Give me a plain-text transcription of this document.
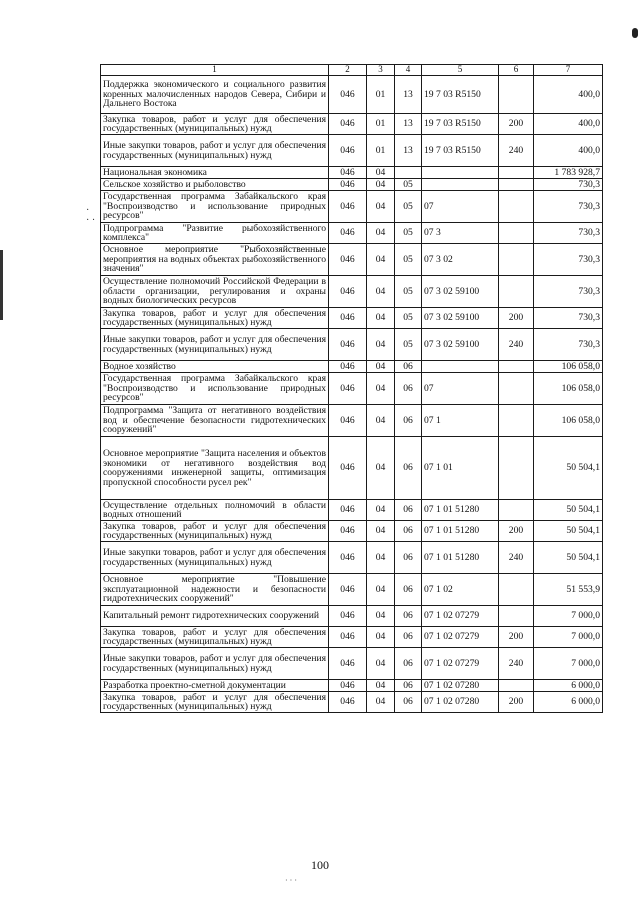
·
· ·
1	2	3	4	5	6	7
Поддержка экономического и социального развития коренных малочисленных народов Севера, Сибири и Дальнего Востока	046	01	13	19 7 03 R5150		400,0
Закупка товаров, работ и услуг для обеспечения государственных (муниципальных) нужд	046	01	13	19 7 03 R5150	200	400,0
Иные закупки товаров, работ и услуг для обеспечения государственных (муниципальных) нужд	046	01	13	19 7 03 R5150	240	400,0
Национальная экономика	046	04				1 783 928,7
Сельское хозяйство и рыболовство	046	04	05			730,3
Государственная программа Забайкальского края "Воспроизводство и использование природных ресурсов"	046	04	05	07		730,3
Подпрограмма "Развитие рыбохозяйственного комплекса"	046	04	05	07 3		730,3
Основное мероприятие "Рыбохозяйственные мероприятия на водных объектах рыбохозяйственного значения"	046	04	05	07 3 02		730,3
Осуществление полномочий Российской Федерации в области организации, регулирования и охраны водных биологических ресурсов	046	04	05	07 3 02 59100		730,3
Закупка товаров, работ и услуг для обеспечения государственных (муниципальных) нужд	046	04	05	07 3 02 59100	200	730,3
Иные закупки товаров, работ и услуг для обеспечения государственных (муниципальных) нужд	046	04	05	07 3 02 59100	240	730,3
Водное хозяйство	046	04	06			106 058,0
Государственная программа Забайкальского края "Воспроизводство и использование природных ресурсов"	046	04	06	07		106 058,0
Подпрограмма "Защита от негативного воздействия вод и обеспечение безопасности гидротехнических сооружений"	046	04	06	07 1		106 058,0
Основное мероприятие "Защита населения и объектов экономики от негативного воздействия вод сооружениями инженерной защиты, оптимизация пропускной способности русел рек"	046	04	06	07 1 01		50 504,1
Осуществление отдельных полномочий в области водных отношений	046	04	06	07 1 01 51280		50 504,1
Закупка товаров, работ и услуг для обеспечения государственных (муниципальных) нужд	046	04	06	07 1 01 51280	200	50 504,1
Иные закупки товаров, работ и услуг для обеспечения государственных (муниципальных) нужд	046	04	06	07 1 01 51280	240	50 504,1
Основное мероприятие "Повышение эксплуатационной надежности и безопасности гидротехнических сооружений"	046	04	06	07 1 02		51 553,9
Капитальный ремонт гидротехнических сооружений	046	04	06	07 1 02 07279		7 000,0
Закупка товаров, работ и услуг для обеспечения государственных (муниципальных) нужд	046	04	06	07 1 02 07279	200	7 000,0
Иные закупки товаров, работ и услуг для обеспечения государственных (муниципальных) нужд	046	04	06	07 1 02 07279	240	7 000,0
Разработка проектно-сметной документации	046	04	06	07 1 02 07280		6 000,0
Закупка товаров, работ и услуг для обеспечения государственных (муниципальных) нужд	046	04	06	07 1 02 07280	200	6 000,0
100
· · ·
